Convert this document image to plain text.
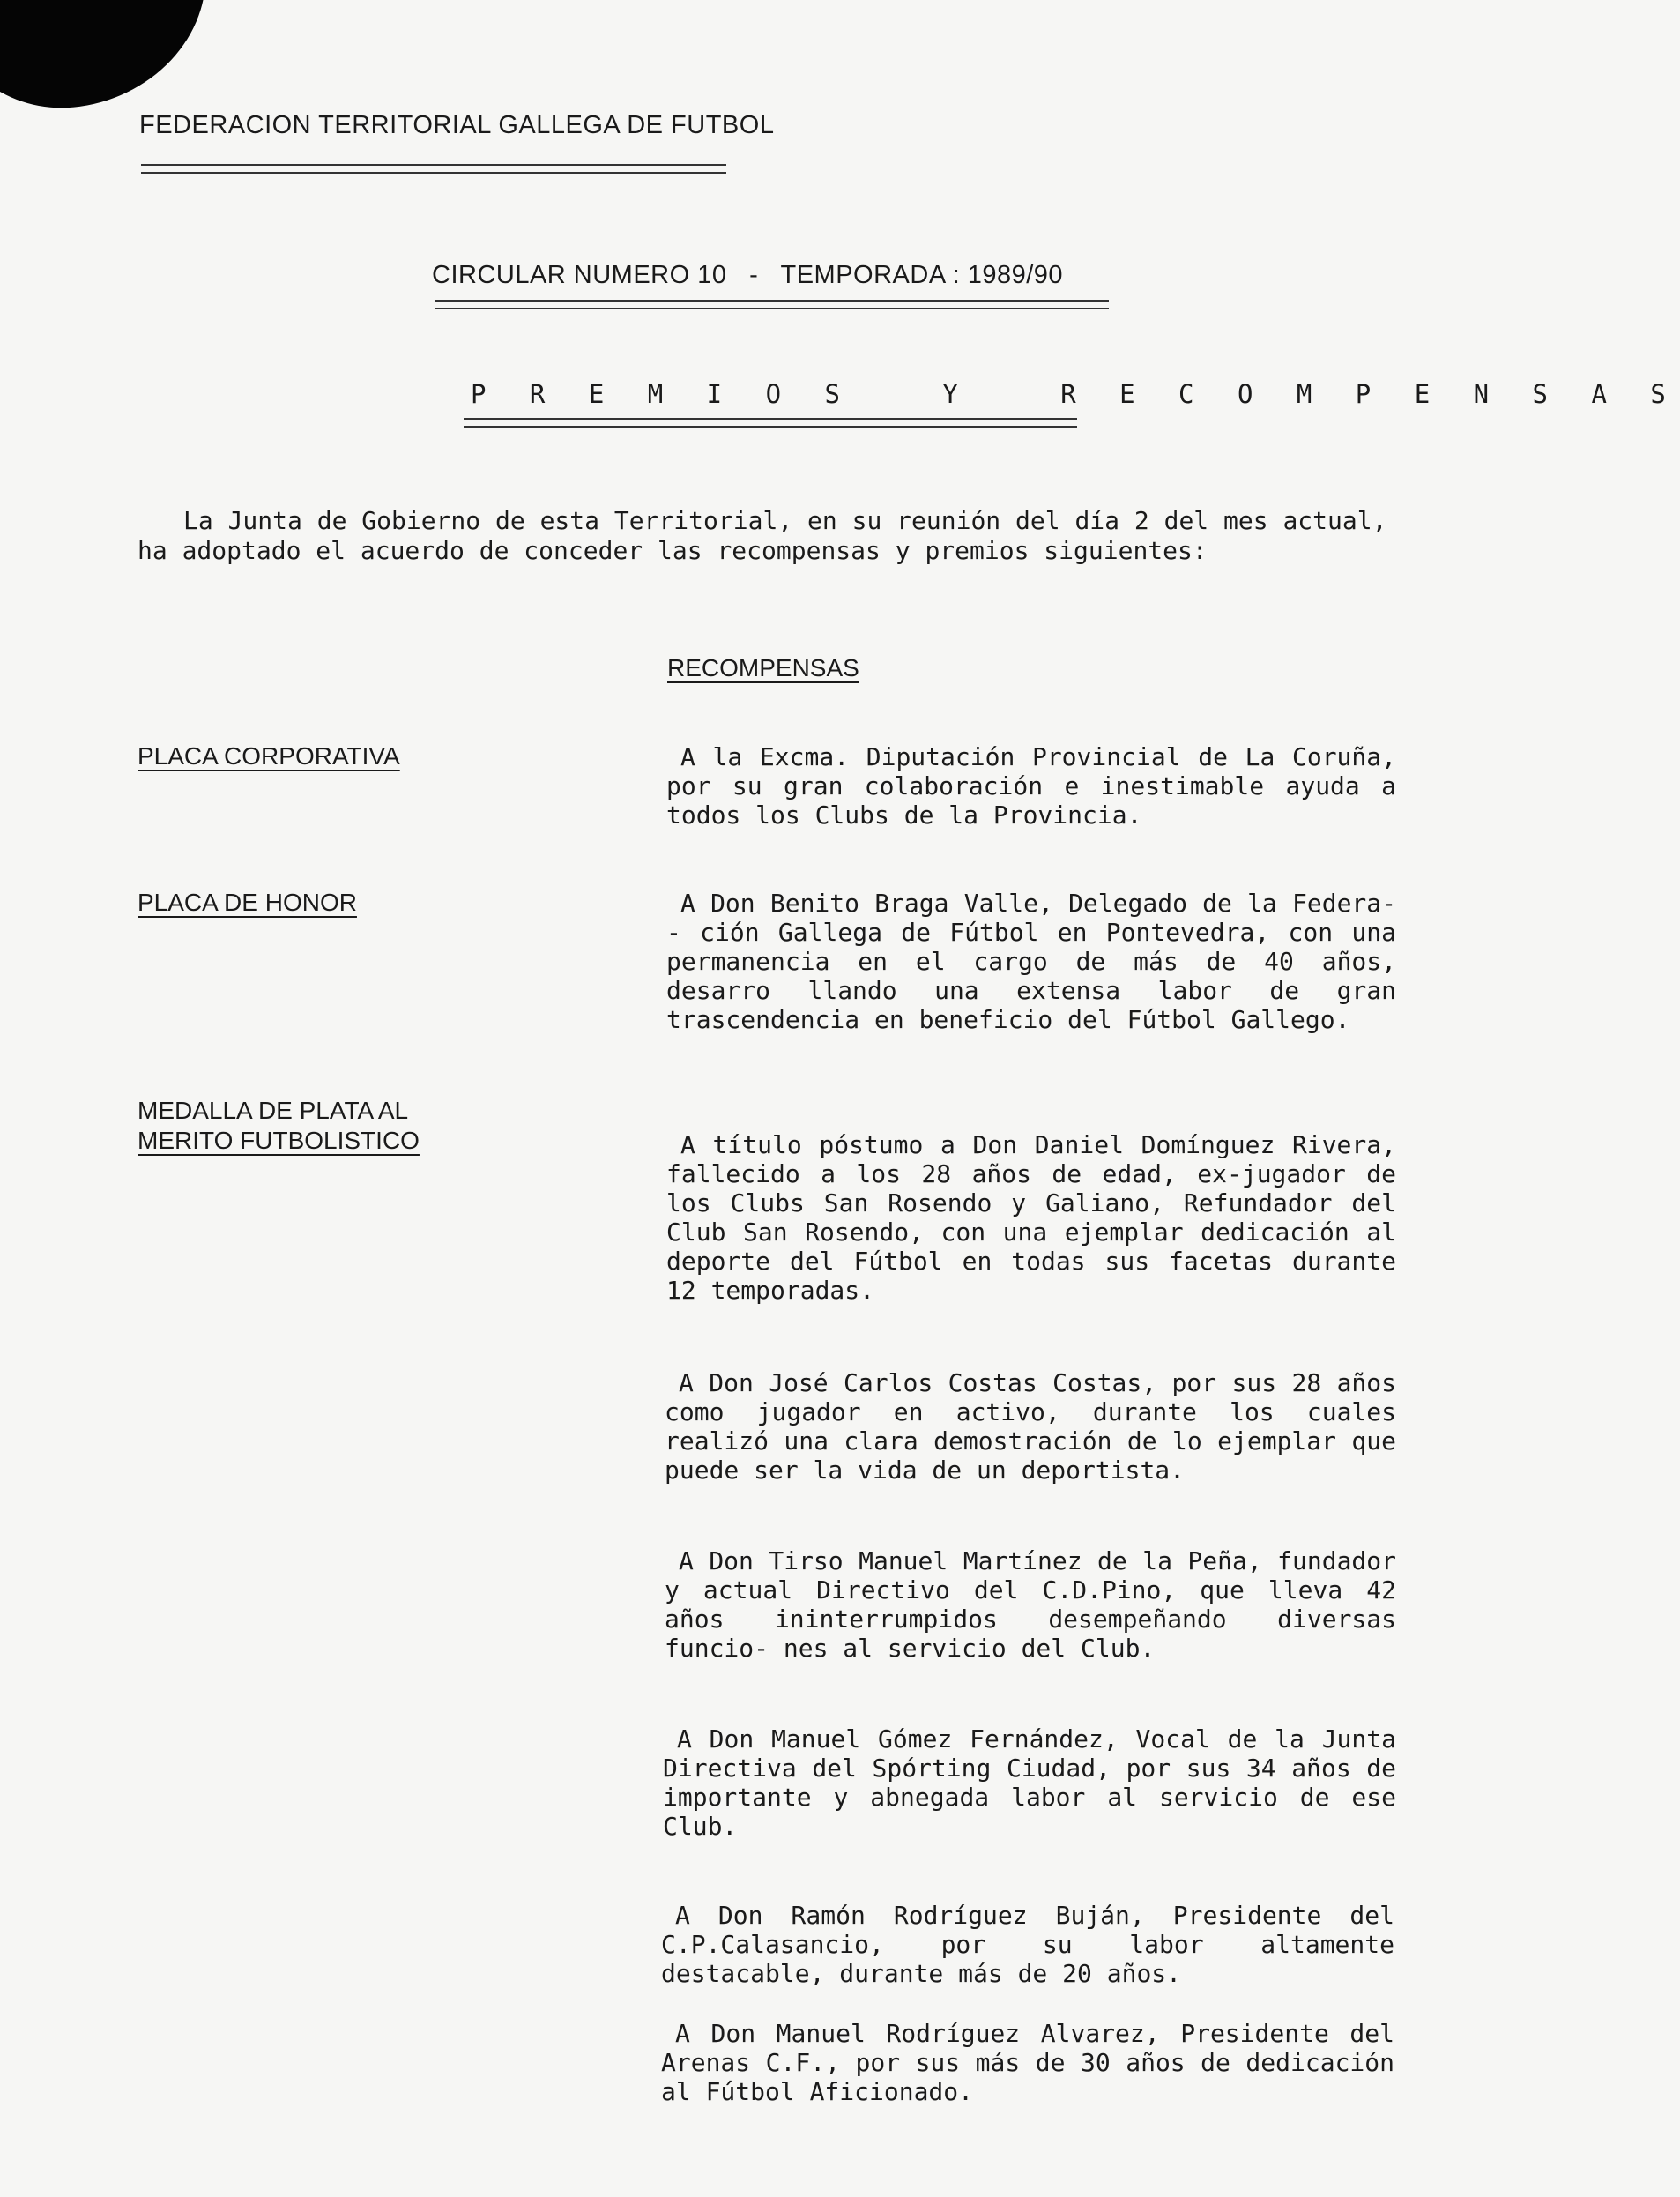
FEDERACION TERRITORIAL GALLEGA DE FUTBOL
CIRCULAR NUMERO 10   -   TEMPORADA : 1989/90
P R E M I O S   Y   R E C O M P E N S A S
La Junta de Gobierno de esta Territorial, en su reunión del día 2 del mes actual,
ha adoptado el acuerdo de conceder las recompensas y premios siguientes:
RECOMPENSAS
PLACA CORPORATIVA	A la Excma. Diputación Provincial de La Coruña, por su gran colaboración e inestimable ayuda a todos los Clubs de la Provincia.
PLACA DE HONOR	A Don Benito Braga Valle, Delegado de la Federa-- ción Gallega de Fútbol en Pontevedra, con una permanencia en el cargo de más de 40 años, desarro llando una extensa labor de gran trascendencia en beneficio del Fútbol Gallego.
MEDALLA DE PLATA AL
MERITO FUTBOLISTICO	A título póstumo a Don Daniel Domínguez Rivera, fallecido a los 28 años de edad, ex-jugador de los Clubs San Rosendo y Galiano, Refundador del Club San Rosendo, con una ejemplar dedicación al deporte del Fútbol en todas sus facetas durante 12 temporadas.
A Don José Carlos Costas Costas, por sus 28 años como jugador en activo, durante los cuales realizó una clara demostración de lo ejemplar que puede ser la vida de un deportista.
A Don Tirso Manuel Martínez de la Peña, fundador y actual Directivo del C.D.Pino, que lleva 42 años ininterrumpidos desempeñando diversas funcio- nes al servicio del Club.
A Don Manuel Gómez Fernández, Vocal de la Junta Directiva del Spórting Ciudad, por sus 34 años de importante y abnegada labor al servicio de ese Club.
A Don Ramón Rodríguez Buján, Presidente del C.P.Calasancio, por su labor altamente destacable, durante más de 20 años.
A Don Manuel Rodríguez Alvarez, Presidente del Arenas C.F., por sus más de 30 años de dedicación al Fútbol Aficionado.
